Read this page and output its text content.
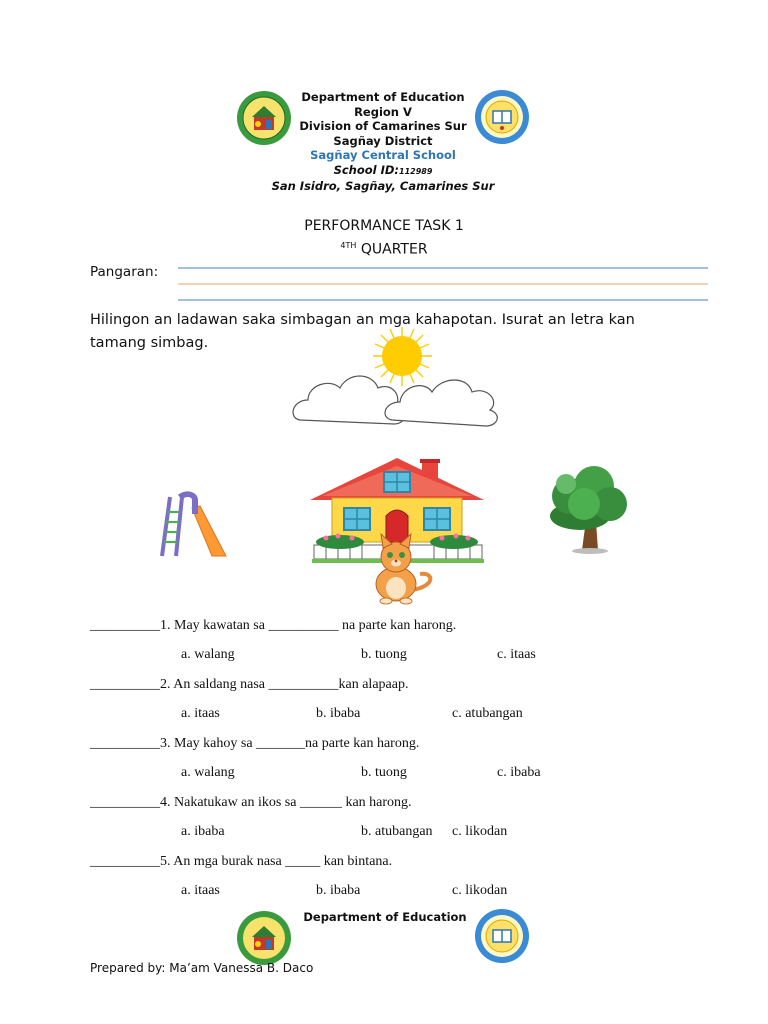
Department of Education
Region V
Division of Camarines Sur
Sagñay District
Sagñay Central School
School ID:112989
San Isidro, Sagñay, Camarines Sur
PERFORMANCE TASK 1
$^{4TH}$ QUARTER
Pangaran:
Hilingon an ladawan saka simbagan an mga kahapotan. Isurat an letra kan tamang simbag.
__________1. May kawatan sa __________ na parte kan harong.
a. walang	b. tuong	c. itaas
__________2. An saldang nasa __________kan alapaap.
a. itaas	b. ibaba	c. atubangan
__________3. May kahoy sa _______na parte kan harong.
a. walang	b. tuong	c. ibaba
__________4. Nakatukaw an ikos sa ______ kan harong.
a. ibaba	b. atubangan c. likodan
__________5. An mga burak nasa _____ kan bintana.
a. itaas	b. ibaba	c. likodan
Department of Education
Prepared by: Ma’am Vanessa B. Daco
